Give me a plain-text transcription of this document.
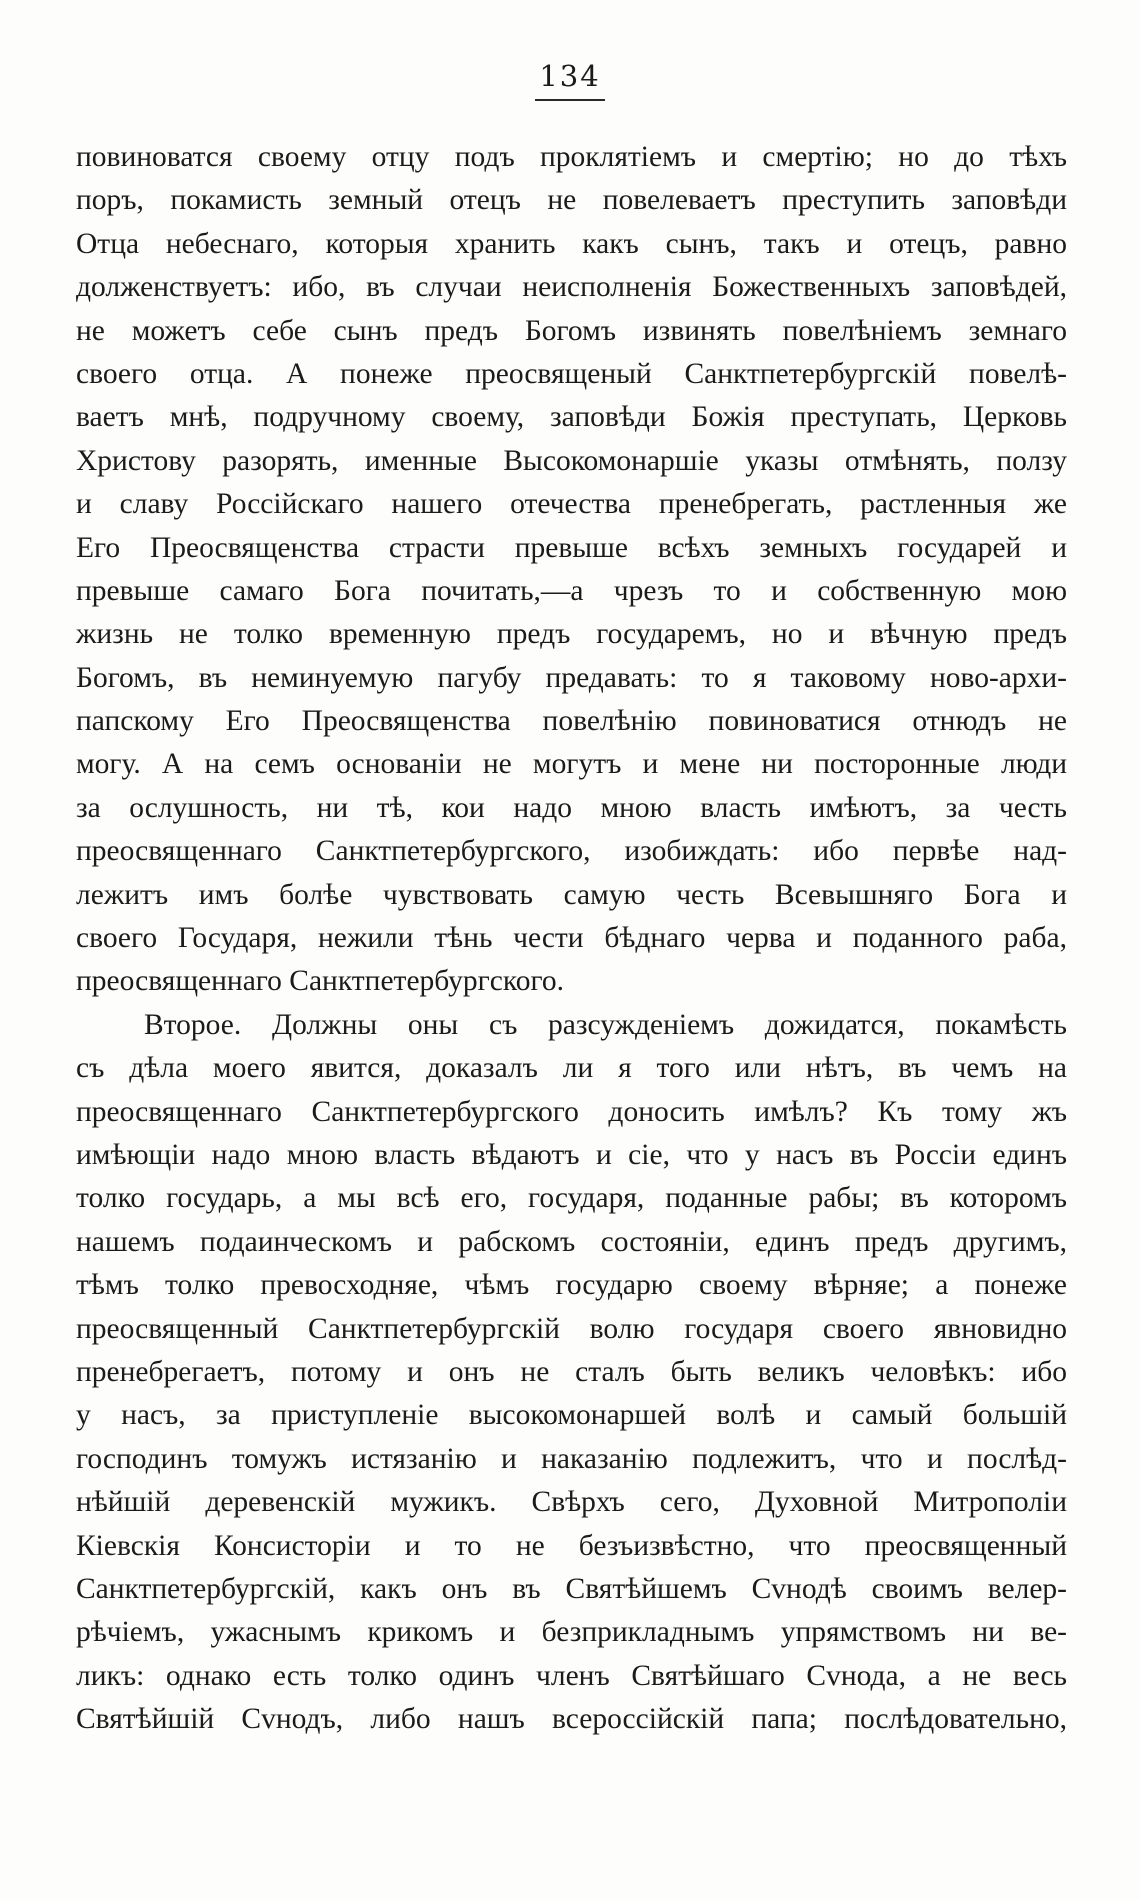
134
повиноватся своему отцу подъ проклятіемъ и смертію; но до тѣхъ
поръ, покамисть земный отецъ не повелеваетъ преступить заповѣди
Отца небеснаго, которыя хранить какъ сынъ, такъ и отецъ, равно
долженствуетъ: ибо, въ случаи неисполненія Божественныхъ заповѣдей,
не можетъ себе сынъ предъ Богомъ извинять повелѣніемъ земнаго
своего отца. А понеже преосвященый Санктпетербургскій повелѣ-
ваетъ мнѣ, подручному своему, заповѣди Божія преступать, Церковь
Христову разорять, именные Высокомонаршіе указы отмѣнять, ползу
и славу Россійскаго нашего отечества пренебрегать, растленныя же
Его Преосвященства страсти превыше всѣхъ земныхъ государей и
превыше самаго Бога почитать,—а чрезъ то и собственную мою
жизнь не толко временную предъ государемъ, но и вѣчную предъ
Богомъ, въ неминуемую пагубу предавать: то я таковому ново-архи-
папскому Его Преосвященства повелѣнію повиноватися отнюдъ не
могу. А на семъ основаніи не могутъ и мене ни посторонные люди
за ослушность, ни тѣ, кои надо мною власть имѣютъ, за честь
преосвященнаго Санктпетербургского, изобиждать: ибо первѣе над-
лежитъ имъ болѣе чувствовать самую честь Всевышняго Бога и
своего Государя, нежили тѣнь чести бѣднаго черва и поданного раба,
преосвященнаго Санктпетербургского.
Второе. Должны оны съ разсужденіемъ дожидатся, покамѣсть
съ дѣла моего явится, доказалъ ли я того или нѣтъ, въ чемъ на
преосвященнаго Санктпетербургского доносить имѣлъ? Къ тому жъ
имѣющіи надо мною власть вѣдаютъ и сіе, что у насъ въ Россіи единъ
толко государь, а мы всѣ его, государя, поданные рабы; въ которомъ
нашемъ подаинческомъ и рабскомъ состояніи, единъ предъ другимъ,
тѣмъ толко превосходняе, чѣмъ государю своему вѣрняе; а понеже
преосвященный Санктпетербургскій волю государя своего явновидно
пренебрегаетъ, потому и онъ не сталъ быть великъ человѣкъ: ибо
у насъ, за приступленіе высокомонаршей волѣ и самый большій
господинъ томужъ истязанію и наказанію подлежитъ, что и послѣд-
нѣйшій деревенскій мужикъ. Свѣрхъ сего, Духовной Митрополіи
Кіевскія Консисторіи и то не безъизвѣстно, что преосвященный
Санктпетербургскій, какъ онъ въ Святѣйшемъ Сvнодѣ своимъ велеp-
рѣчіемъ, ужаснымъ крикомъ и безприкладнымъ упрямствомъ ни ве-
ликъ: однако есть толко одинъ членъ Святѣйшаго Сvнода, а не весь
Святѣйшій Сvнодъ, либо нашъ всероссійскій папа; послѣдовательно,
